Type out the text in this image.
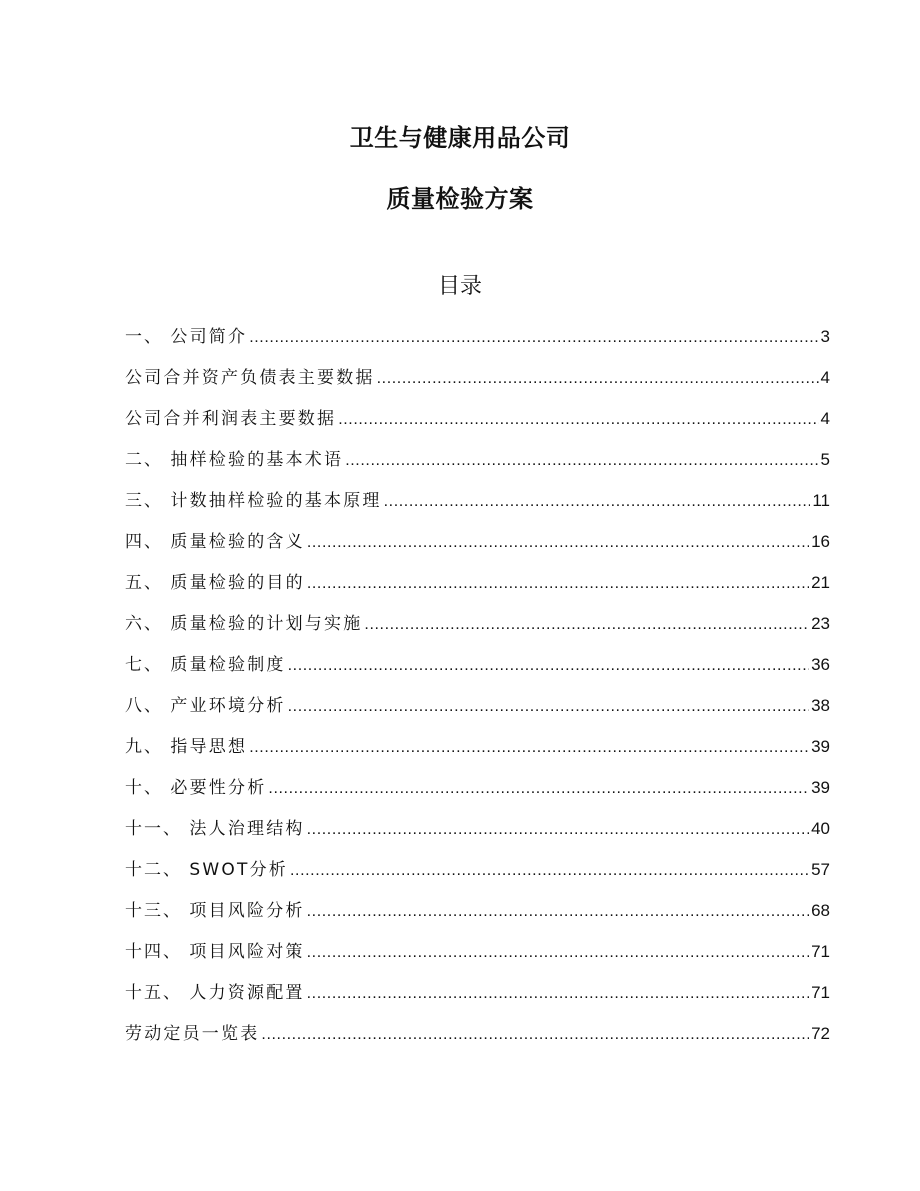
卫生与健康用品公司
质量检验方案
目录
一、 公司简介 .....	3
公司合并资产负债表主要数据 .....	4
公司合并利润表主要数据 .....	4
二、 抽样检验的基本术语 .....	5
三、 计数抽样检验的基本原理 .....	11
四、 质量检验的含义 .....	16
五、 质量检验的目的 .....	21
六、 质量检验的计划与实施 .....	23
七、 质量检验制度 .....	36
八、 产业环境分析 .....	38
九、 指导思想 .....	39
十、 必要性分析 .....	39
十一、 法人治理结构 .....	40
十二、 SWOT分析 .....	57
十三、 项目风险分析 .....	68
十四、 项目风险对策 .....	71
十五、 人力资源配置 .....	71
劳动定员一览表 .....	72
